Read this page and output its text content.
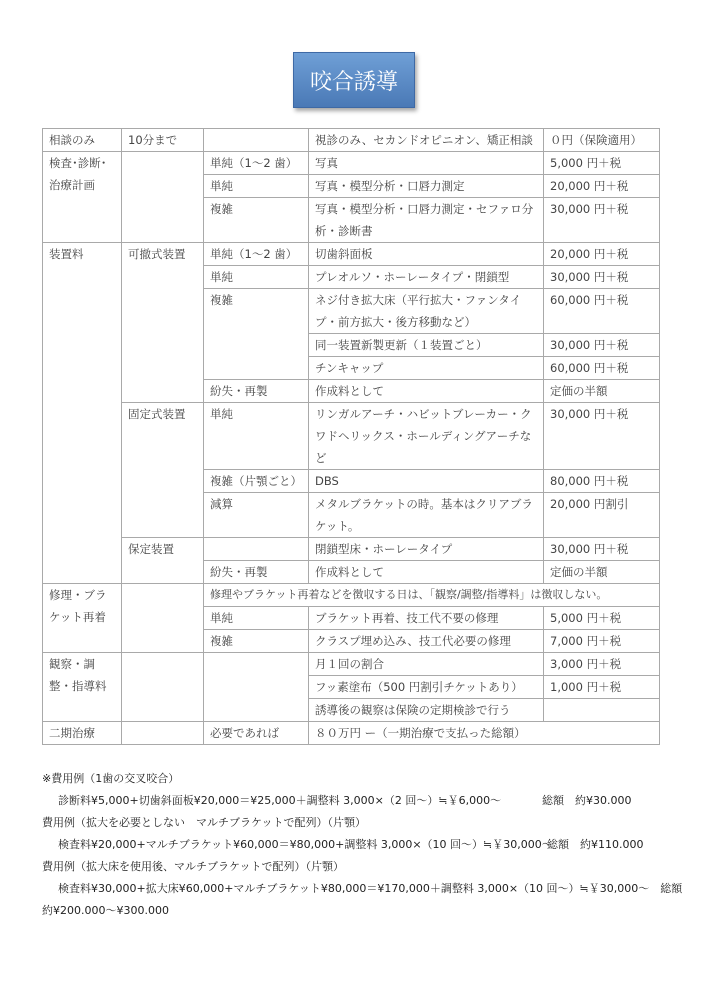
咬合誘導
相談のみ	10分まで		視診のみ、セカンドオピニオン、矯正相談	０円（保険適用）
検査･診断･治療計画		単純（1〜2 歯）	写真	5,000 円＋税
		単純	写真・模型分析・口唇力測定	20,000 円＋税
		複雑	写真・模型分析・口唇力測定・セファロ分析・診断書	30,000 円＋税
装置料	可撤式装置	単純（1〜2 歯）	切歯斜面板	20,000 円＋税
		単純	プレオルソ・ホーレータイプ・閉鎖型	30,000 円＋税
		複雑	ネジ付き拡大床（平行拡大・ファンタイプ・前方拡大・後方移動など）	60,000 円＋税
			同一装置新製更新（１装置ごと）	30,000 円＋税
			チンキャップ	60,000 円＋税
		紛失・再製	作成料として	定価の半額
	固定式装置	単純	リンガルアーチ・ハビットブレーカー・クワドヘリックス・ホールディングアーチなど	30,000 円＋税
		複雑（片顎ごと）	DBS	80,000 円＋税
		減算	メタルブラケットの時。基本はクリアブラケット。	20,000 円割引
	保定装置		閉鎖型床・ホーレータイプ	30,000 円＋税
		紛失・再製	作成料として	定価の半額
修理・ブラケット再着		修理やブラケット再着などを徴収する日は、「観察/調整/指導料」は徴収しない。		
		単純	ブラケット再着、技工代不要の修理	5,000 円＋税
		複雑	クラスプ埋め込み、技工代必要の修理	7,000 円＋税
観察・調整・指導料			月１回の割合	3,000 円＋税
			フッ素塗布（500 円割引チケットあり）	1,000 円＋税
			誘導後の観察は保険の定期検診で行う	
二期治療		必要であれば	８０万円 ー（一期治療で支払った総額）	
※費用例（1歯の交叉咬合）
診断料¥5,000+切歯斜面板¥20,000＝¥25,000＋調整料 3,000×（2 回〜）≒￥6,000〜	総額　約¥30.000
費用例（拡大を必要としない　マルチブラケットで配列）（片顎）
検査料¥20,000+マルチブラケット¥60,000＝¥80,000+調整料 3,000×（10 回〜）≒￥30,000〜
総額　約¥110.000
費用例（拡大床を使用後、マルチブラケットで配列）（片顎）
検査料¥30,000+拡大床¥60,000+マルチブラケット¥80,000＝¥170,000＋調整料 3,000×（10 回〜）≒￥30,000〜　総額
約¥200.000〜¥300.000
